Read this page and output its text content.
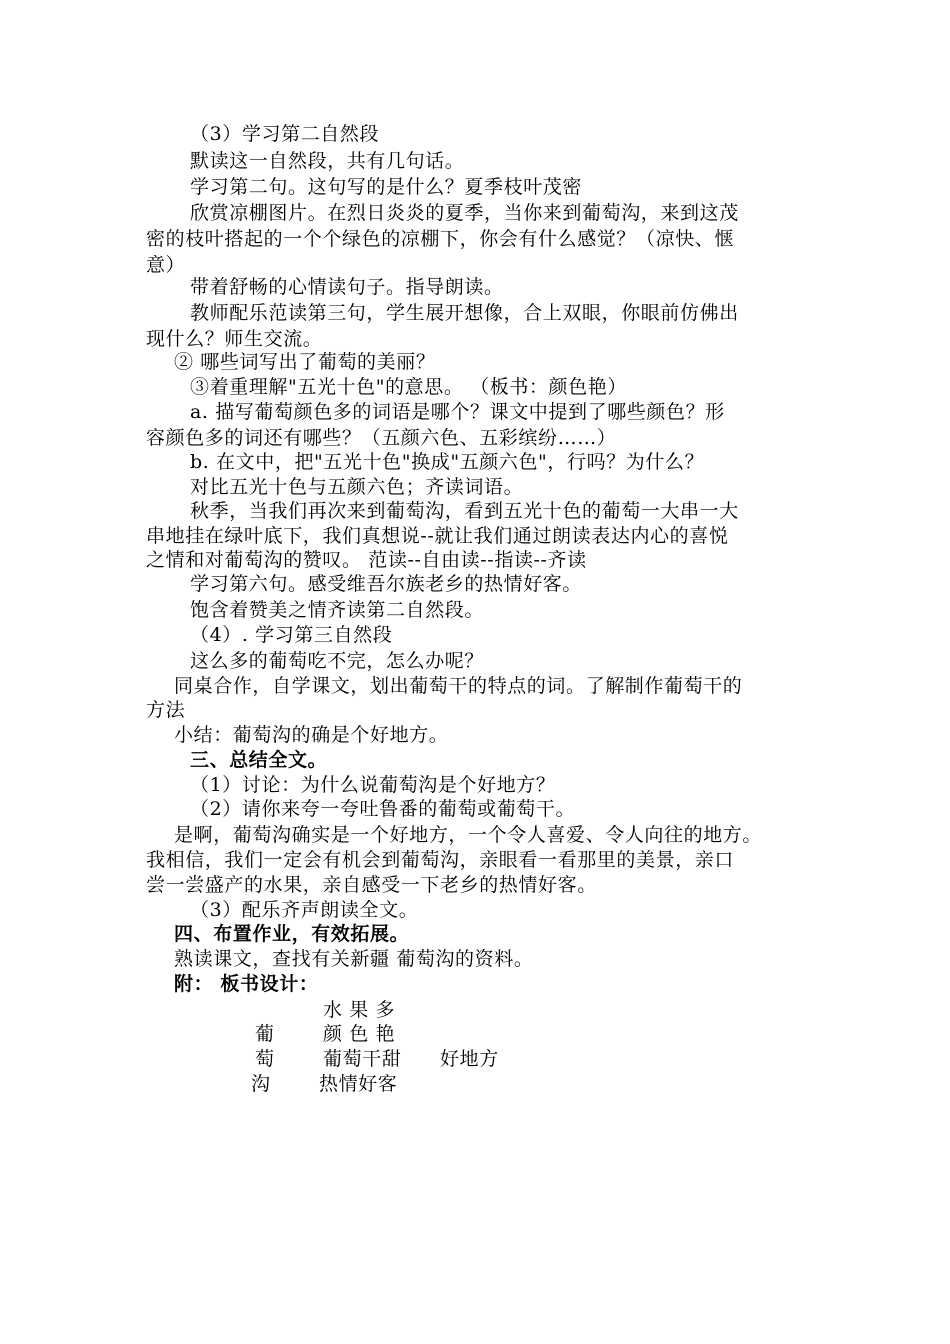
（3）学习第二自然段
默读这一自然段，共有几句话。
学习第二句。这句写的是什么？夏季枝叶茂密
欣赏凉棚图片。在烈日炎炎的夏季，当你来到葡萄沟，来到这茂
密的枝叶搭起的一个个绿色的凉棚下，你会有什么感觉？（凉快、惬
意）
带着舒畅的心情读句子。指导朗读。
教师配乐范读第三句，学生展开想像，合上双眼，你眼前仿佛出
现什么？师生交流。
② 哪些词写出了葡萄的美丽？
③着重理解"五光十色"的意思。 （板书：颜色艳）
a. 描写葡萄颜色多的词语是哪个？课文中提到了哪些颜色？形
容颜色多的词还有哪些？（五颜六色、五彩缤纷……）
b. 在文中，把"五光十色"换成"五颜六色"，行吗？为什么？
对比五光十色与五颜六色；齐读词语。
秋季，当我们再次来到葡萄沟，看到五光十色的葡萄一大串一大
串地挂在绿叶底下，我们真想说--就让我们通过朗读表达内心的喜悦
之情和对葡萄沟的赞叹。 范读--自由读--指读--齐读
学习第六句。感受维吾尔族老乡的热情好客。
饱含着赞美之情齐读第二自然段。
（4）. 学习第三自然段
这么多的葡萄吃不完，怎么办呢？
同桌合作，自学课文，划出葡萄干的特点的词。了解制作葡萄干的
方法
小结：葡萄沟的确是个好地方。
三、总结全文。
（1）讨论：为什么说葡萄沟是个好地方？
（2）请你来夸一夸吐鲁番的葡萄或葡萄干。
是啊，葡萄沟确实是一个好地方，一个令人喜爱、令人向往的地方。
我相信，我们一定会有机会到葡萄沟，亲眼看一看那里的美景，亲口
尝一尝盛产的水果，亲自感受一下老乡的热情好客。
（3）配乐齐声朗读全文。
四、布置作业，有效拓展。
熟读课文，查找有关新疆 葡萄沟的资料。
附： 板书设计：
水 果 多
葡	颜 色 艳
萄	葡萄干甜 好地方
沟	热情好客
